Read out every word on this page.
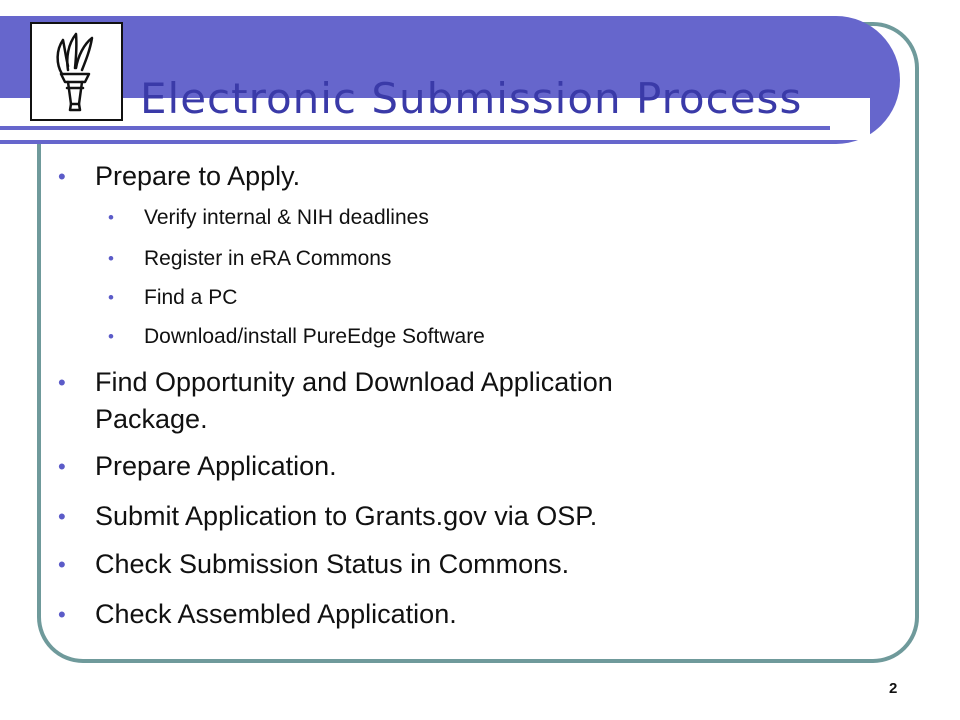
Electronic Submission Process
• Prepare to Apply.
• Verify internal & NIH deadlines
• Register in eRA Commons
• Find a PC
• Download/install PureEdge Software
• Find Opportunity and Download Application
Package.
• Prepare Application.
• Submit Application to Grants.gov via OSP.
• Check Submission Status in Commons.
• Check Assembled Application.
2
